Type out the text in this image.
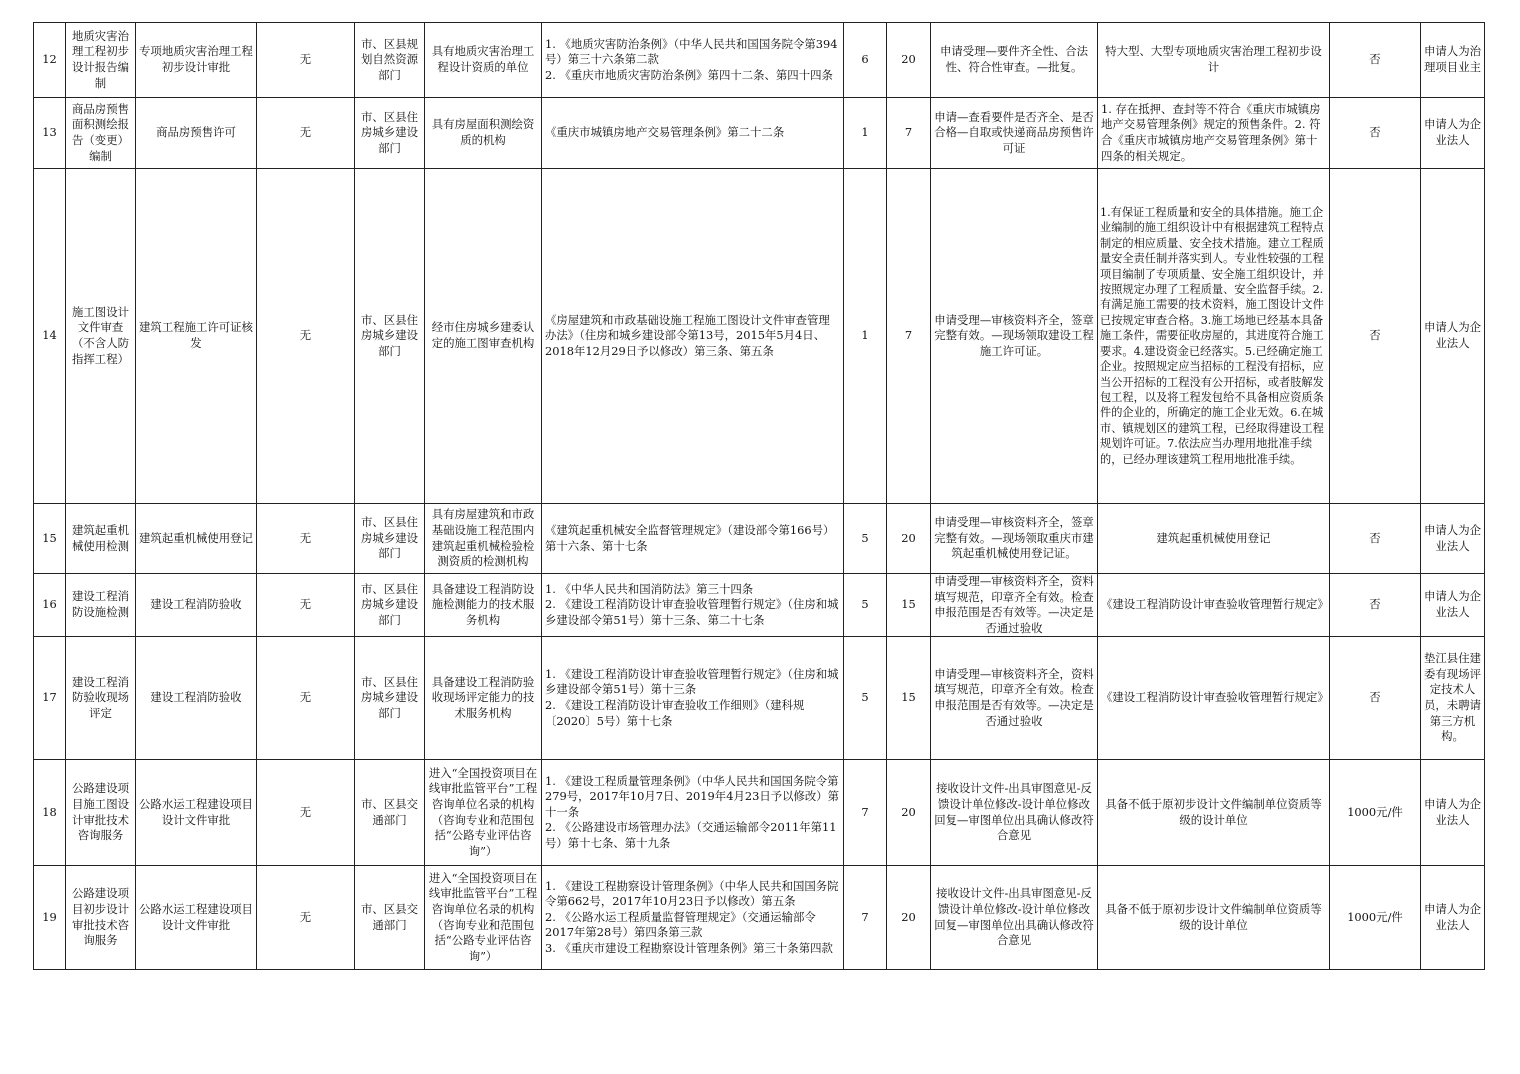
12	地质灾害治理工程初步设计报告编制	专项地质灾害治理工程初步设计审批	无	市、区县规划自然资源部门	具有地质灾害治理工程设计资质的单位	1. 《地质灾害防治条例》（中华人民共和国国务院令第394号）第三十六条第二款
2. 《重庆市地质灾害防治条例》第四十二条、第四十四条	6	20	申请受理—要件齐全性、合法性、符合性审查。—批复。	特大型、大型专项地质灾害治理工程初步设计	否	申请人为治理项目业主
13	商品房预售面积测绘报告（变更）编制	商品房预售许可	无	市、区县住房城乡建设部门	具有房屋面积测绘资质的机构	《重庆市城镇房地产交易管理条例》第二十二条	1	7	申请—查看要件是否齐全、是否合格—自取或快递商品房预售许可证	1. 存在抵押、查封等不符合《重庆市城镇房地产交易管理条例》规定的预售条件。2. 符合《重庆市城镇房地产交易管理条例》第十四条的相关规定。	否	申请人为企业法人
14	施工图设计文件审查（不含人防指挥工程）	建筑工程施工许可证核发	无	市、区县住房城乡建设部门	经市住房城乡建委认定的施工图审查机构	《房屋建筑和市政基础设施工程施工图设计文件审查管理办法》（住房和城乡建设部令第13号，2015年5月4日、2018年12月29日予以修改）第三条、第五条	1	7	申请受理—审核资料齐全，签章完整有效。—现场领取建设工程施工许可证。	1.有保证工程质量和安全的具体措施。施工企业编制的施工组织设计中有根据建筑工程特点制定的相应质量、安全技术措施。建立工程质量安全责任制并落实到人。专业性较强的工程项目编制了专项质量、安全施工组织设计，并按照规定办理了工程质量、安全监督手续。2.有满足施工需要的技术资料，施工图设计文件已按规定审查合格。3.施工场地已经基本具备施工条件，需要征收房屋的，其进度符合施工要求。4.建设资金已经落实。5.已经确定施工企业。按照规定应当招标的工程没有招标，应当公开招标的工程没有公开招标，或者肢解发包工程，以及将工程发包给不具备相应资质条件的企业的，所确定的施工企业无效。6.在城市、镇规划区的建筑工程，已经取得建设工程规划许可证。7.依法应当办理用地批准手续的，已经办理该建筑工程用地批准手续。	否	申请人为企业法人
15	建筑起重机械使用检测	建筑起重机械使用登记	无	市、区县住房城乡建设部门	具有房屋建筑和市政基础设施工程范围内建筑起重机械检验检测资质的检测机构	《建筑起重机械安全监督管理规定》（建设部令第166号）第十六条、第十七条	5	20	申请受理—审核资料齐全，签章完整有效。—现场领取重庆市建筑起重机械使用登记证。	建筑起重机械使用登记	否	申请人为企业法人
16	建设工程消防设施检测	建设工程消防验收	无	市、区县住房城乡建设部门	具备建设工程消防设施检测能力的技术服务机构	1. 《中华人民共和国消防法》第三十四条
2. 《建设工程消防设计审查验收管理暂行规定》（住房和城乡建设部令第51号）第十三条、第二十七条	5	15	申请受理—审核资料齐全，资料填写规范，印章齐全有效。检查申报范围是否有效等。—决定是否通过验收	《建设工程消防设计审查验收管理暂行规定》	否	申请人为企业法人
17	建设工程消防验收现场评定	建设工程消防验收	无	市、区县住房城乡建设部门	具备建设工程消防验收现场评定能力的技术服务机构	1. 《建设工程消防设计审查验收管理暂行规定》（住房和城乡建设部令第51号）第十三条
2. 《建设工程消防设计审查验收工作细则》（建科规〔2020〕5号）第十七条	5	15	申请受理—审核资料齐全，资料填写规范，印章齐全有效。检查申报范围是否有效等。—决定是否通过验收	《建设工程消防设计审查验收管理暂行规定》	否	垫江县住建委有现场评定技术人员，未聘请第三方机构。
18	公路建设项目施工图设计审批技术咨询服务	公路水运工程建设项目设计文件审批	无	市、区县交通部门	进入“全国投资项目在线审批监管平台”工程咨询单位名录的机构（咨询专业和范围包括“公路专业评估咨询”）	1. 《建设工程质量管理条例》（中华人民共和国国务院令第279号，2017年10月7日、2019年4月23日予以修改）第十一条
2. 《公路建设市场管理办法》（交通运输部令2011年第11号）第十七条、第十九条	7	20	接收设计文件-出具审图意见-反馈设计单位修改-设计单位修改回复—审图单位出具确认修改符合意见	具备不低于原初步设计文件编制单位资质等级的设计单位	1000元/件	申请人为企业法人
19	公路建设项目初步设计审批技术咨询服务	公路水运工程建设项目设计文件审批	无	市、区县交通部门	进入“全国投资项目在线审批监管平台”工程咨询单位名录的机构（咨询专业和范围包括“公路专业评估咨询”）	1. 《建设工程勘察设计管理条例》（中华人民共和国国务院令第662号，2017年10月23日予以修改）第五条
2. 《公路水运工程质量监督管理规定》（交通运输部令2017年第28号）第四条第三款
3. 《重庆市建设工程勘察设计管理条例》第三十条第四款	7	20	接收设计文件-出具审图意见-反馈设计单位修改-设计单位修改回复—审图单位出具确认修改符合意见	具备不低于原初步设计文件编制单位资质等级的设计单位	1000元/件	申请人为企业法人
